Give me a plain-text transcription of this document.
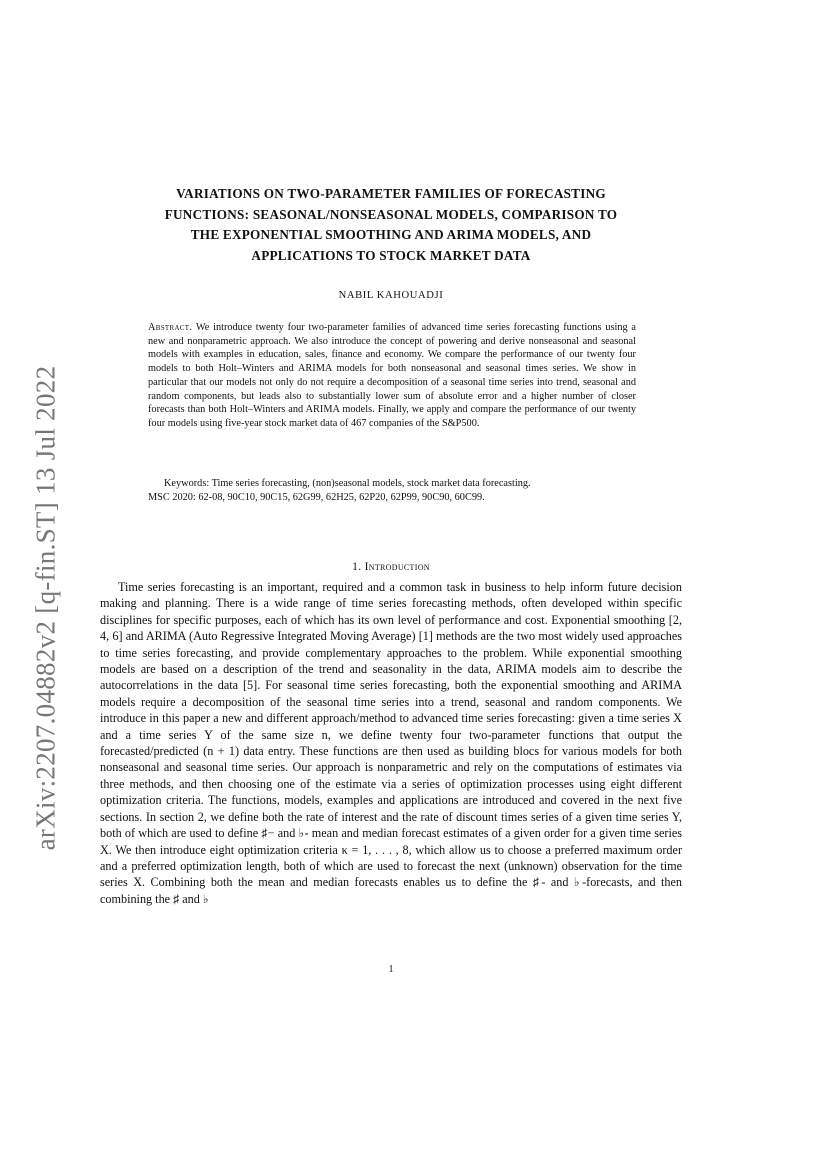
arXiv:2207.04882v2 [q-fin.ST] 13 Jul 2022
VARIATIONS ON TWO-PARAMETER FAMILIES OF FORECASTING
FUNCTIONS: SEASONAL/NONSEASONAL MODELS, COMPARISON TO
THE EXPONENTIAL SMOOTHING AND ARIMA MODELS, AND
APPLICATIONS TO STOCK MARKET DATA
NABIL KAHOUADJI
Abstract. We introduce twenty four two-parameter families of advanced time series forecasting functions using a new and nonparametric approach. We also introduce the concept of powering and derive nonseasonal and seasonal models with examples in education, sales, finance and economy. We compare the performance of our twenty four models to both Holt–Winters and ARIMA models for both nonseasonal and seasonal times series. We show in particular that our models not only do not require a decomposition of a seasonal time series into trend, seasonal and random components, but leads also to substantially lower sum of absolute error and a higher number of closer forecasts than both Holt–Winters and ARIMA models. Finally, we apply and compare the performance of our twenty four models using five-year stock market data of 467 companies of the S&P500.
Keywords: Time series forecasting, (non)seasonal models, stock market data forecasting.
MSC 2020: 62-08, 90C10, 90C15, 62G99, 62H25, 62P20, 62P99, 90C90, 60C99.
1. Introduction

Time series forecasting is an important, required and a common task in business to help inform future decision making and planning. There is a wide range of time series forecasting methods, often developed within specific disciplines for specific purposes, each of which has its own level of performance and cost. Exponential smoothing [2, 4, 6] and ARIMA (Auto Regressive Integrated Moving Average) [1] methods are the two most widely used approaches to time series forecasting, and provide complementary approaches to the problem. While exponential smoothing models are based on a description of the trend and seasonality in the data, ARIMA models aim to describe the autocorrelations in the data [5]. For seasonal time series forecasting, both the exponential smoothing and ARIMA models require a decomposition of the seasonal time series into a trend, seasonal and random components. We introduce in this paper a new and different approach/method to advanced time series forecasting: given a time series X and a time series Y of the same size n, we define twenty four two-parameter functions that output the forecasted/predicted (n + 1) data entry. These functions are then used as building blocs for various models for both nonseasonal and seasonal time series. Our approach is nonparametric and rely on the computations of estimates via three methods, and then choosing one of the estimate via a series of optimization processes using eight different optimization criteria. The functions, models, examples and applications are introduced and covered in the next five sections. In section 2, we define both the rate of interest and the rate of discount times series of a given time series Y, both of which are used to define ♯− and ♭- mean and median forecast estimates of a given order for a given time series X. We then introduce eight optimization criteria κ = 1, . . . , 8, which allow us to choose a preferred maximum order and a preferred optimization length, both of which are used to forecast the next (unknown) observation for the time series X. Combining both the mean and median forecasts enables us to define the ♯- and ♭-forecasts, and then combining the ♯ and ♭

1
